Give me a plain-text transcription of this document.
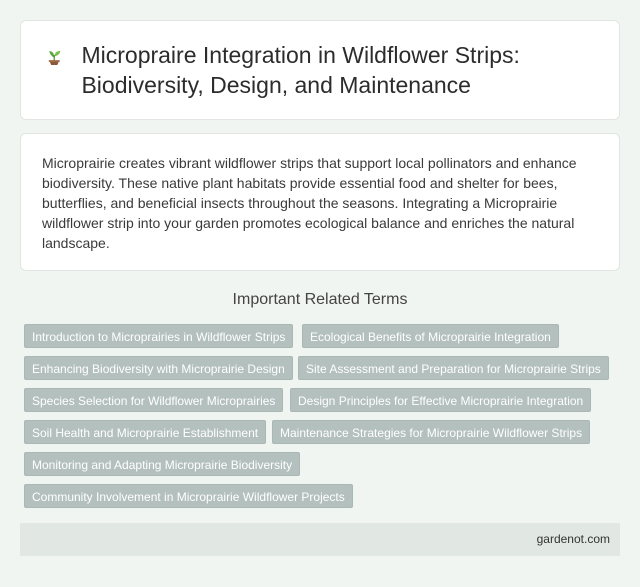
Micropraire Integration in Wildflower Strips: Biodiversity, Design, and Maintenance

Microprairie creates vibrant wildflower strips that support local pollinators and enhance biodiversity. These native plant habitats provide essential food and shelter for bees, butterflies, and beneficial insects throughout the seasons. Integrating a Microprairie wildflower strip into your garden promotes ecological balance and enriches the natural landscape.

Important Related Terms
Introduction to Microprairies in Wildflower Strips	Ecological Benefits of Microprairie Integration
Enhancing Biodiversity with Microprairie Design	Site Assessment and Preparation for Microprairie Strips
Species Selection for Wildflower Microprairies	Design Principles for Effective Microprairie Integration
Soil Health and Microprairie Establishment	Maintenance Strategies for Microprairie Wildflower Strips
Monitoring and Adapting Microprairie Biodiversity
Community Involvement in Microprairie Wildflower Projects
gardenot.com
